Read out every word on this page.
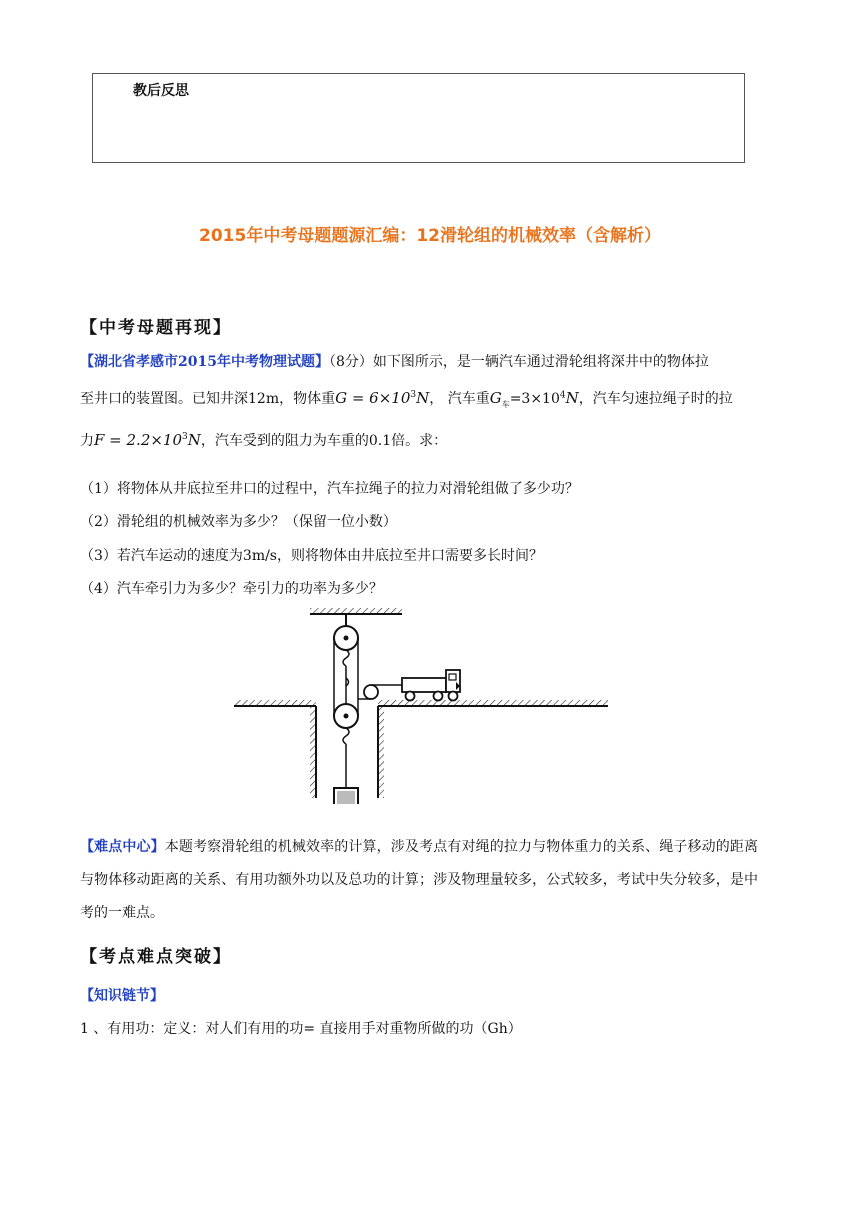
教后反思
2015年中考母题题源汇编：12滑轮组的机械效率（含解析）
【中考母题再现】
【湖北省孝感市2015年中考物理试题】（8分）如下图所示，是一辆汽车通过滑轮组将深井中的物体拉
至井口的装置图。已知井深12m，物体重$G = 6\times 10^3N$， 汽车重$G_车=3\times 10^4N$，汽车匀速拉绳子时的拉
力$F = 2.2\times 10^3N$，汽车受到的阻力为车重的0.1倍。求：
（1）将物体从井底拉至井口的过程中，汽车拉绳子的拉力对滑轮组做了多少功？
（2）滑轮组的机械效率为多少？（保留一位小数）
（3）若汽车运动的速度为3m/s，则将物体由井底拉至井口需要多长时间？
（4）汽车牵引力为多少？牵引力的功率为多少？
【难点中心】本题考察滑轮组的机械效率的计算，涉及考点有对绳的拉力与物体重力的关系、绳子移动的距离与物体移动距离的关系、有用功额外功以及总功的计算；涉及物理量较多，公式较多，考试中失分较多，是中考的一难点。
【考点难点突破】
【知识链节】
1 、有用功：定义：对人们有用的功= 直接用手对重物所做的功（Gh）
